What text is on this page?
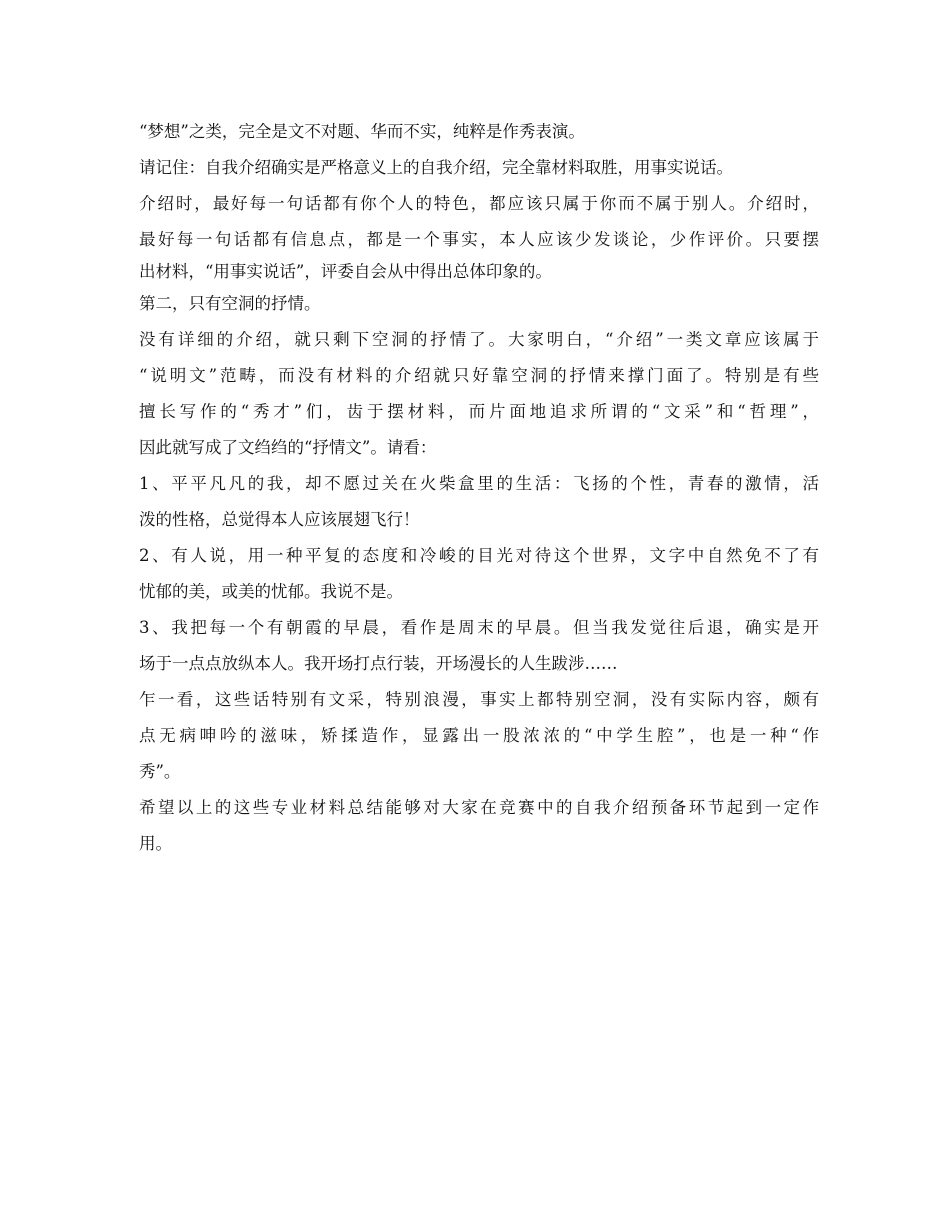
“梦想”之类，完全是文不对题、华而不实，纯粹是作秀表演。
请记住：自我介绍确实是严格意义上的自我介绍，完全靠材料取胜，用事实说话。
介绍时，最好每一句话都有你个人的特色，都应该只属于你而不属于别人。介绍时，
最好每一句话都有信息点，都是一个事实，本人应该少发谈论，少作评价。只要摆
出材料，“用事实说话”，评委自会从中得出总体印象的。
第二，只有空洞的抒情。
没有详细的介绍，就只剩下空洞的抒情了。大家明白，“介绍”一类文章应该属于
“说明文”范畴，而没有材料的介绍就只好靠空洞的抒情来撑门面了。特别是有些
擅长写作的“秀才”们，齿于摆材料，而片面地追求所谓的“文采”和“哲理”，
因此就写成了文绉绉的“抒情文”。请看：
1、平平凡凡的我，却不愿过关在火柴盒里的生活：飞扬的个性，青春的激情，活
泼的性格，总觉得本人应该展翅飞行！
2、有人说，用一种平复的态度和冷峻的目光对待这个世界，文字中自然免不了有
忧郁的美，或美的忧郁。我说不是。
3、我把每一个有朝霞的早晨，看作是周末的早晨。但当我发觉往后退，确实是开
场于一点点放纵本人。我开场打点行装，开场漫长的人生跋涉……
乍一看，这些话特别有文采，特别浪漫，事实上都特别空洞，没有实际内容，颇有
点无病呻吟的滋味，矫揉造作，显露出一股浓浓的“中学生腔”，也是一种“作
秀”。
希望以上的这些专业材料总结能够对大家在竞赛中的自我介绍预备环节起到一定作
用。
